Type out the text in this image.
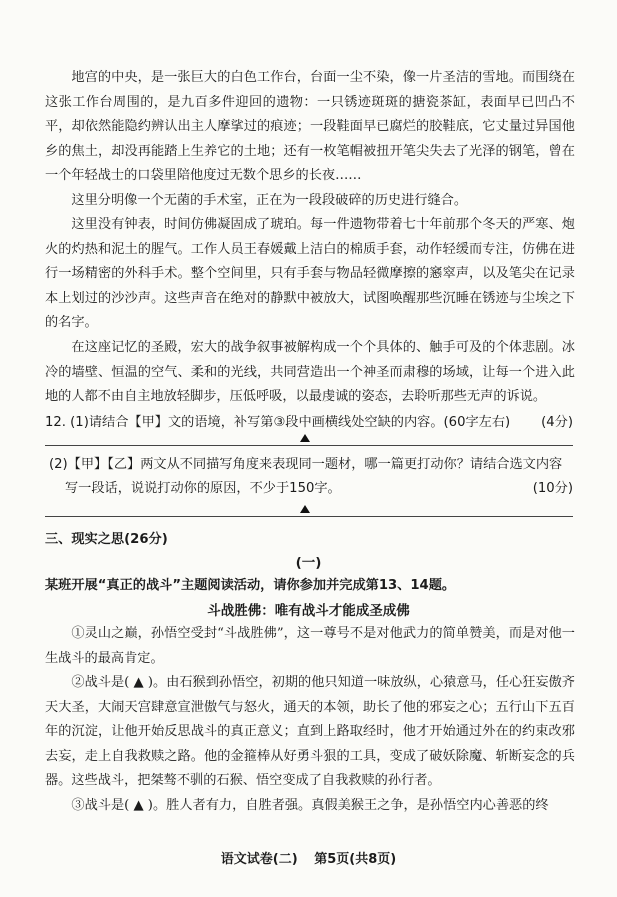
地宫的中央，是一张巨大的白色工作台，台面一尘不染，像一片圣洁的雪地。而围绕在这张工作台周围的，是九百多件迎回的遗物：一只锈迹斑斑的搪瓷茶缸，表面早已凹凸不平，却依然能隐约辨认出主人摩挲过的痕迹；一段鞋面早已腐烂的胶鞋底，它丈量过异国他乡的焦土，却没再能踏上生养它的土地；还有一枚笔帽被扭开笔尖失去了光泽的钢笔，曾在一个年轻战士的口袋里陪他度过无数个思乡的长夜……

这里分明像一个无菌的手术室，正在为一段段破碎的历史进行缝合。

这里没有钟表，时间仿佛凝固成了琥珀。每一件遗物带着七十年前那个冬天的严寒、炮火的灼热和泥土的腥气。工作人员王春媛戴上洁白的棉质手套，动作轻缓而专注，仿佛在进行一场精密的外科手术。整个空间里，只有手套与物品轻微摩擦的窸窣声，以及笔尖在记录本上划过的沙沙声。这些声音在绝对的静默中被放大，试图唤醒那些沉睡在锈迹与尘埃之下的名字。

在这座记忆的圣殿，宏大的战争叙事被解构成一个个具体的、触手可及的个体悲剧。冰冷的墙壁、恒温的空气、柔和的光线，共同营造出一个神圣而肃穆的场域，让每一个进入此地的人都不由自主地放轻脚步，压低呼吸，以最虔诚的姿态，去聆听那些无声的诉说。

12. (1)请结合【甲】文的语境，补写第③段中画横线处空缺的内容。(60字左右) (4分)
(2)【甲】【乙】两文从不同描写角度来表现同一题材，哪一篇更打动你？请结合选文内容
写一段话，说说打动你的原因，不少于150字。	(10分)
三、现实之思(26分)
(一)

某班开展“真正的战斗”主题阅读活动，请你参加并完成第13、14题。

斗战胜佛：唯有战斗才能成圣成佛

①灵山之巅，孙悟空受封“斗战胜佛”，这一尊号不是对他武力的简单赞美，而是对他一生战斗的最高肯定。

②战斗是( ▲ )。由石猴到孙悟空，初期的他只知道一味放纵，心猿意马，任心狂妄傲齐天大圣，大闹天宫肆意宣泄傲气与怒火，通天的本领，助长了他的邪妄之心；五行山下五百年的沉淀，让他开始反思战斗的真正意义；直到上路取经时，他才开始通过外在的约束改邪去妄，走上自我救赎之路。他的金箍棒从好勇斗狠的工具，变成了破妖除魔、斩断妄念的兵器。这些战斗，把桀骜不驯的石猴、悟空变成了自我救赎的孙行者。

③战斗是( ▲ )。胜人者有力，自胜者强。真假美猴王之争，是孙悟空内心善恶的终

语文试卷(二) 第5页(共8页)
